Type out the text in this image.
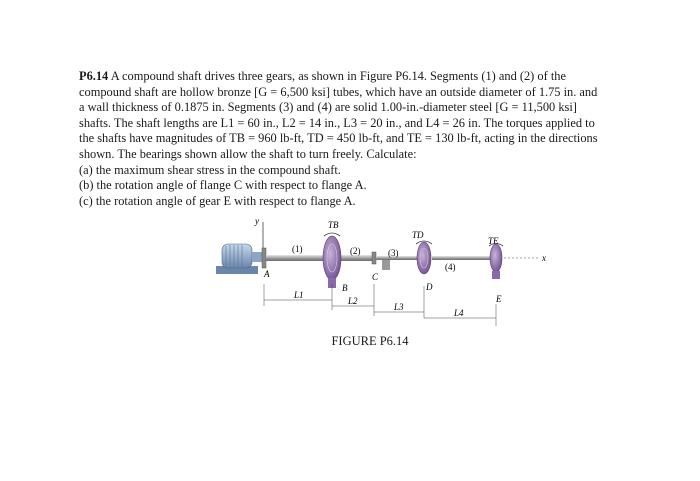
P6.14 A compound shaft drives three gears, as shown in Figure P6.14. Segments (1) and (2) of the

compound shaft are hollow bronze [G = 6,500 ksi] tubes, which have an outside diameter of 1.75 in. and

a wall thickness of 0.1875 in. Segments (3) and (4) are solid 1.00-in.-diameter steel [G = 11,500 ksi]

shafts. The shaft lengths are L1 = 60 in., L2 = 14 in., L3 = 20 in., and L4 = 26 in. The torques applied to

the shafts have magnitudes of TB = 960 lb-ft, TD = 450 lb-ft, and TE = 130 lb-ft, acting in the directions

shown. The bearings shown allow the shaft to turn freely. Calculate:

(a) the maximum shear stress in the compound shaft.

(b) the rotation angle of flange C with respect to flange A.

(c) the rotation angle of gear E with respect to flange A.

y
A
x
(1)	(2)	(3)
(4)
B
TB
C
D
TD
E
TE
L1
L2
L3
L4
FIGURE P6.14
